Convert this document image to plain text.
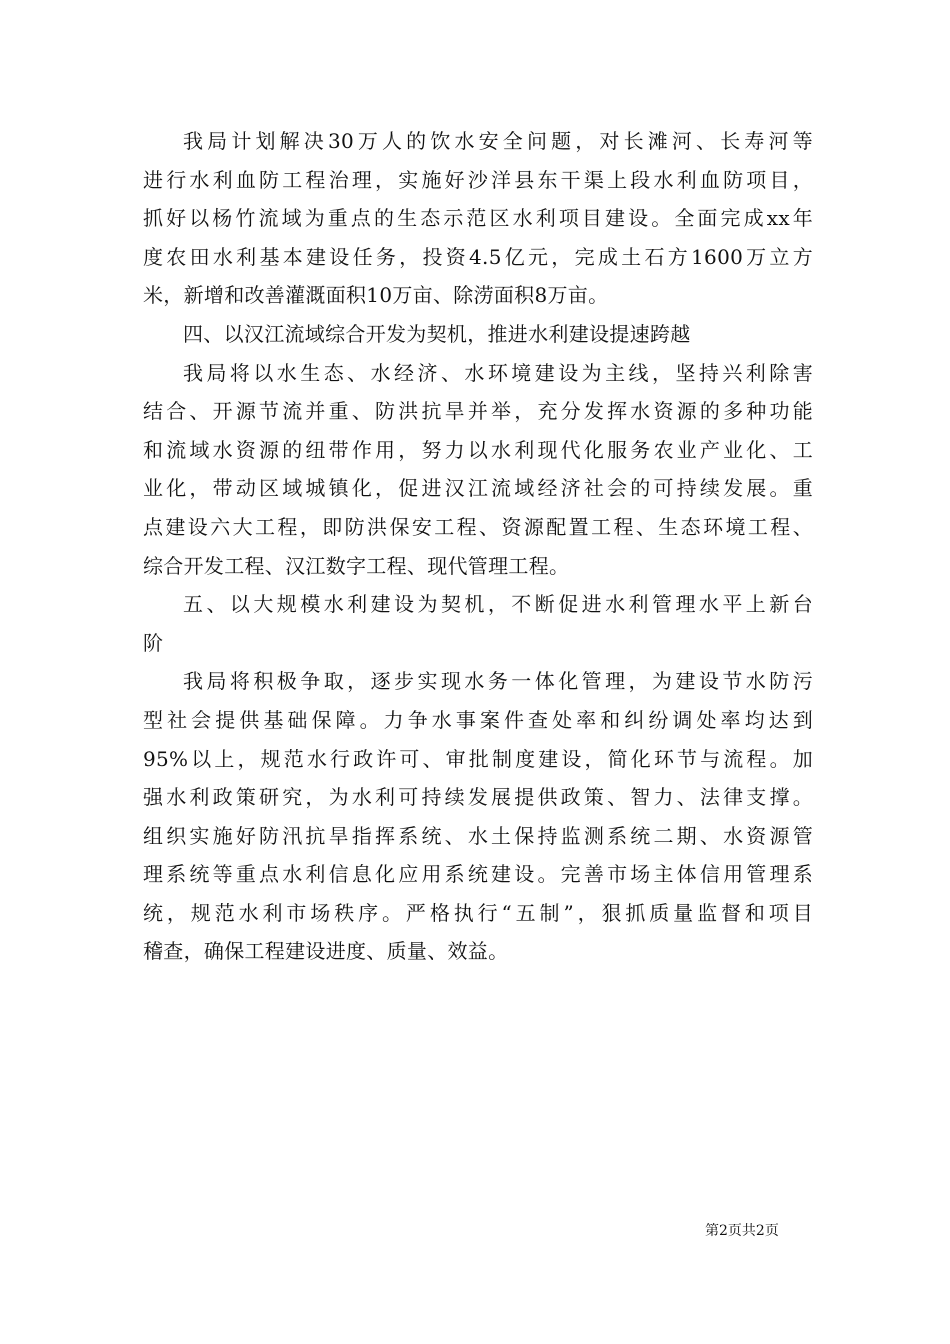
我局计划解决30万人的饮水安全问题，对长滩河、长寿河等
进行水利血防工程治理，实施好沙洋县东干渠上段水利血防项目，
抓好以杨竹流域为重点的生态示范区水利项目建设。全面完成xx年
度农田水利基本建设任务，投资4.5亿元，完成土石方1600万立方
米，新增和改善灌溉面积10万亩、除涝面积8万亩。
四、以汉江流域综合开发为契机，推进水利建设提速跨越
我局将以水生态、水经济、水环境建设为主线，坚持兴利除害
结合、开源节流并重、防洪抗旱并举，充分发挥水资源的多种功能
和流域水资源的纽带作用，努力以水利现代化服务农业产业化、工
业化，带动区域城镇化，促进汉江流域经济社会的可持续发展。重
点建设六大工程，即防洪保安工程、资源配置工程、生态环境工程、
综合开发工程、汉江数字工程、现代管理工程。
五、以大规模水利建设为契机，不断促进水利管理水平上新台
阶
我局将积极争取，逐步实现水务一体化管理，为建设节水防污
型社会提供基础保障。力争水事案件查处率和纠纷调处率均达到
95%以上，规范水行政许可、审批制度建设，简化环节与流程。加
强水利政策研究，为水利可持续发展提供政策、智力、法律支撑。
组织实施好防汛抗旱指挥系统、水土保持监测系统二期、水资源管
理系统等重点水利信息化应用系统建设。完善市场主体信用管理系
统，规范水利市场秩序。严格执行“五制”，狠抓质量监督和项目
稽查，确保工程建设进度、质量、效益。
第2页共2页
